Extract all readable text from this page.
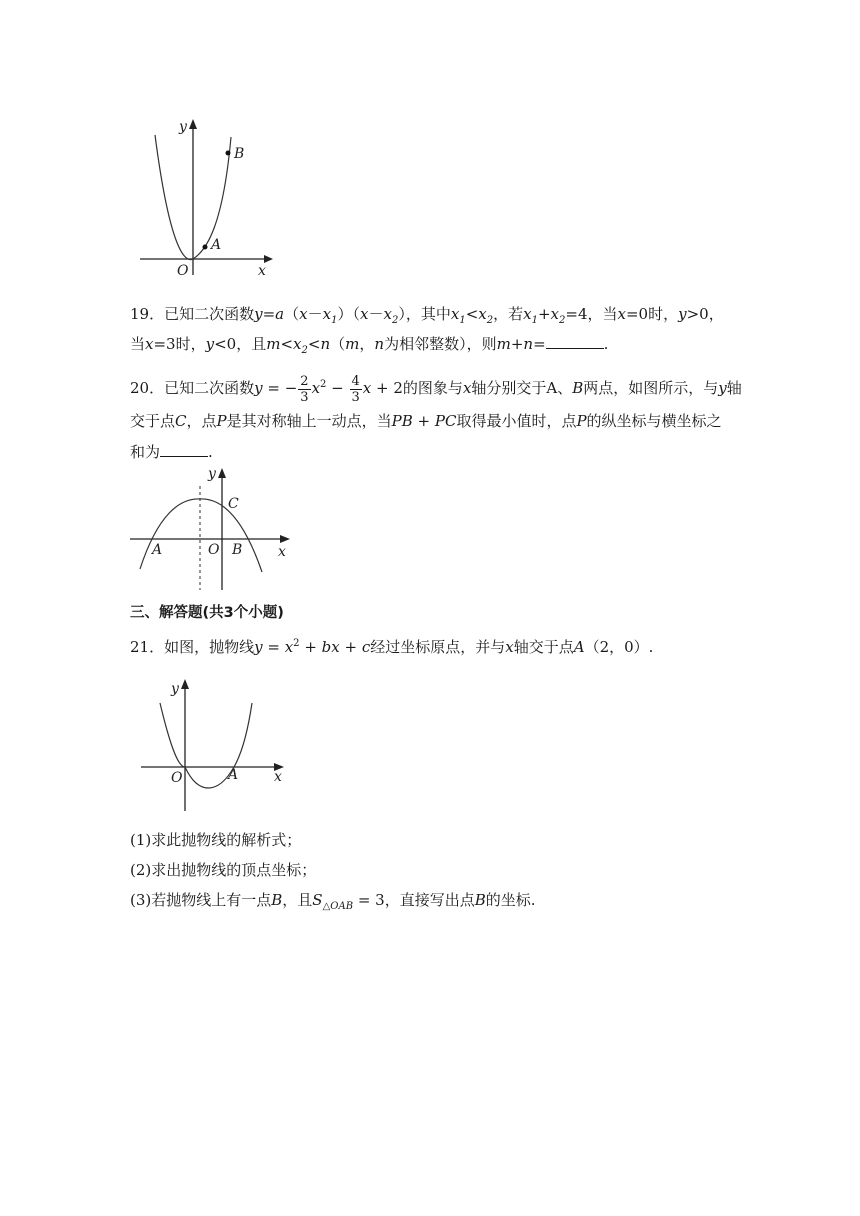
y
x
O
A
B
19．已知二次函数$y=a(x-x_1)(x-x_2)$，其中$x_1<x_2$，若$x_1+x_2=4$，当x=0时，y>0，
当x=3时，y<0，且$m<x_2<n(m$，n为相邻整数），则m+n=	.
20．已知二次函数y = − $\frac{2}{3} x^2 - \frac{4}{3}$ x + 2的图象与x轴分别交于A、B两点，如图所示，与y轴
交于点C，点P是其对称轴上一动点，当PB + PC取得最小值时，点P的纵坐标与横坐标之
和为	.
y
x
O
A	B
C
三、解答题(共3个小题)
21．如图，抛物线$y = x^2$ + bx + c经过坐标原点，并与x轴交于点A（2，0）.
y
x
O	A
(1)求此抛物线的解析式；
(2)求出抛物线的顶点坐标；
(3)若抛物线上有一点B，且$S_{\triangle OAB} = 3$，直接写出点B的坐标.
